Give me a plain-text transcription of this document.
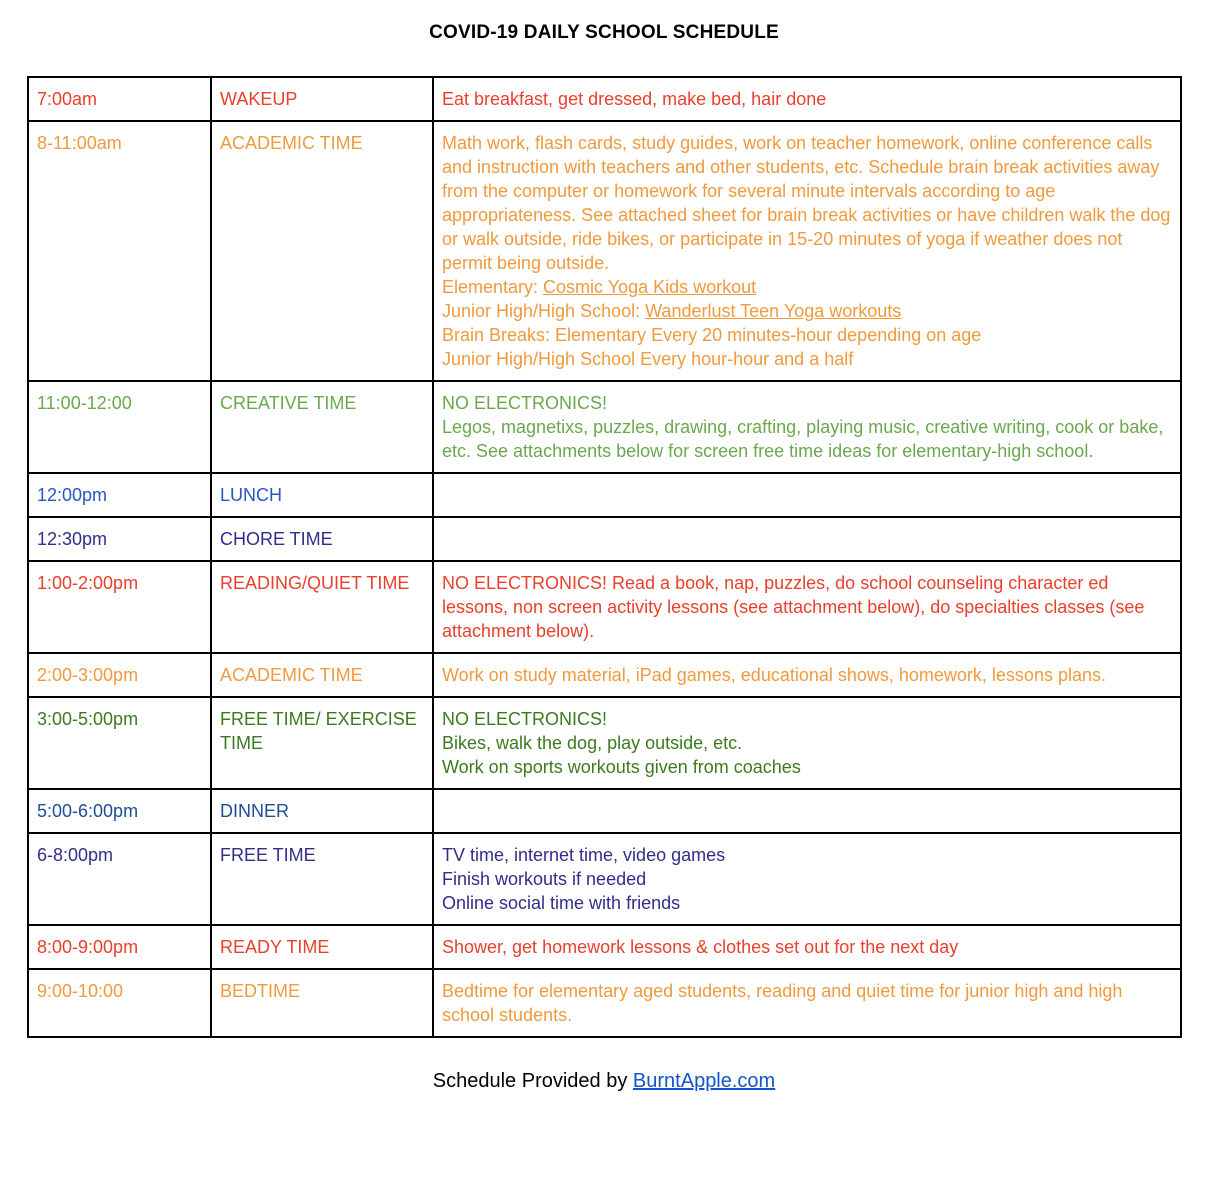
COVID-19 DAILY SCHOOL SCHEDULE
7:00am	WAKEUP	Eat breakfast, get dressed, make bed, hair done

8-11:00am	ACADEMIC TIME	Math work, flash cards, study guides, work on teacher homework, online conference calls and instruction with teachers and other students, etc. Schedule brain break activities away from the computer or homework for several minute intervals according to age appropriateness. See attached sheet for brain break activities or have children walk the dog or walk outside, ride bikes, or participate in 15-20 minutes of yoga if weather does not permit being outside.
Elementary: Cosmic Yoga Kids workout
Junior High/High School: Wanderlust Teen Yoga workouts
Brain Breaks: Elementary Every 20 minutes-hour depending on age
Junior High/High School Every hour-hour and a half

11:00-12:00	CREATIVE TIME	NO ELECTRONICS!
Legos, magnetixs, puzzles, drawing, crafting, playing music, creative writing, cook or bake, etc. See attachments below for screen free time ideas for elementary-high school.

12:00pm	LUNCH	
12:30pm	CHORE TIME	
1:00-2:00pm	READING/QUIET TIME	NO ELECTRONICS! Read a book, nap, puzzles, do school counseling character ed lessons, non screen activity lessons (see attachment below), do specialties classes (see attachment below).

2:00-3:00pm	ACADEMIC TIME	Work on study material, iPad games, educational shows, homework, lessons plans.

3:00-5:00pm	FREE TIME/ EXERCISE TIME	NO ELECTRONICS!
Bikes, walk the dog, play outside, etc.
Work on sports workouts given from coaches

5:00-6:00pm	DINNER	
6-8:00pm	FREE TIME	TV time, internet time, video games
Finish workouts if needed
Online social time with friends

8:00-9:00pm	READY TIME	Shower, get homework lessons & clothes set out for the next day

9:00-10:00	BEDTIME	Bedtime for elementary aged students, reading and quiet time for junior high and high school students.
Schedule Provided by BurntApple.com
